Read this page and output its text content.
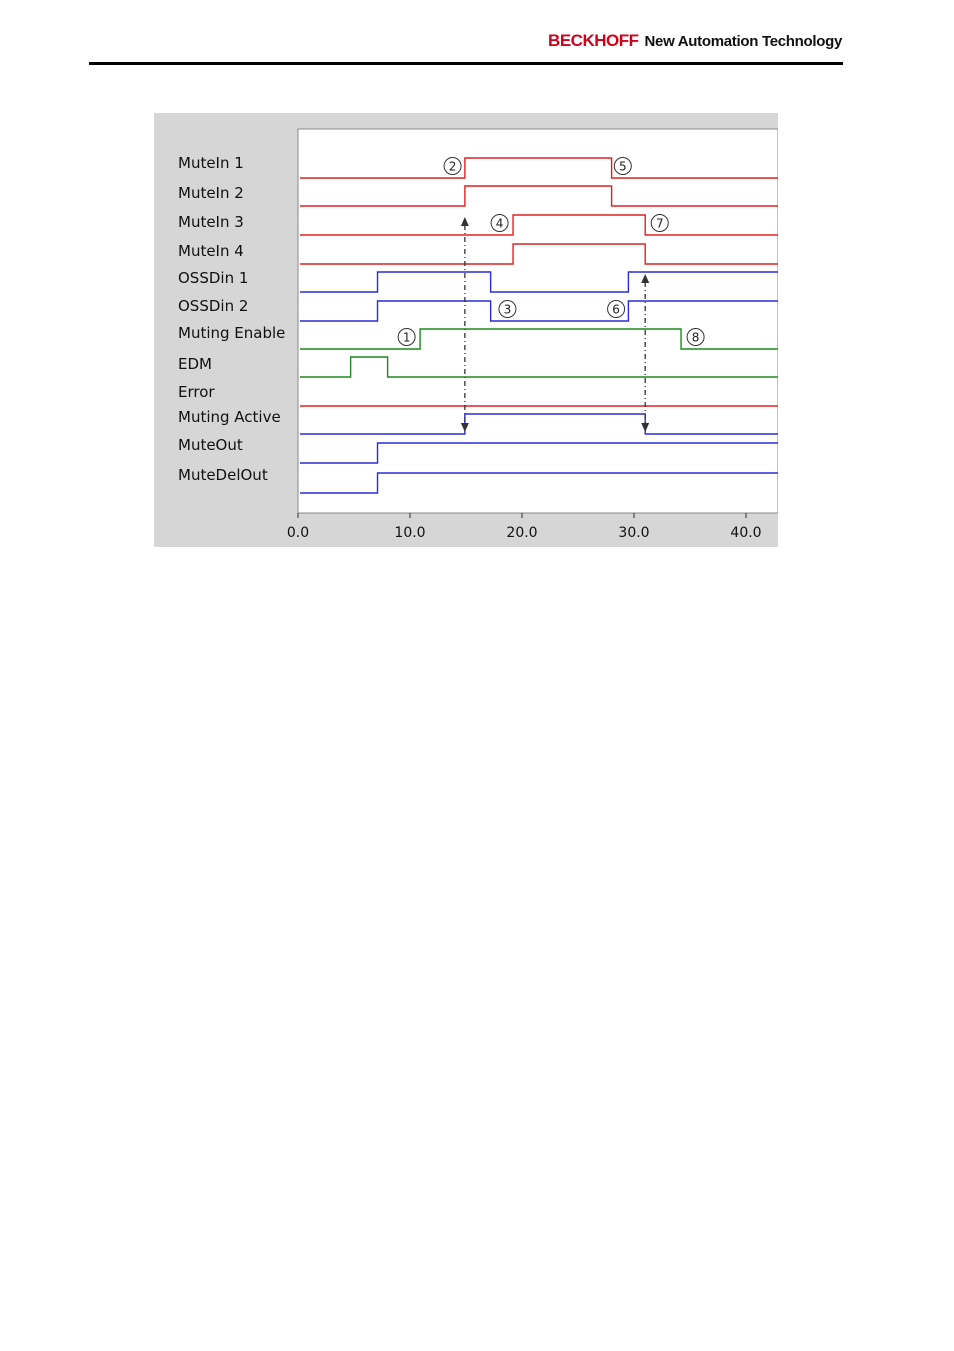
BECKHOFF New Automation Technology
MuteIn 1
MuteIn 2
MuteIn 3
MuteIn 4
OSSDin 1
OSSDin 2
Muting Enable
EDM
Error
Muting Active
MuteOut
MuteDelOut
1
2
3
4
5
6
7
8
0.0	10.0	20.0	30.0	40.0
